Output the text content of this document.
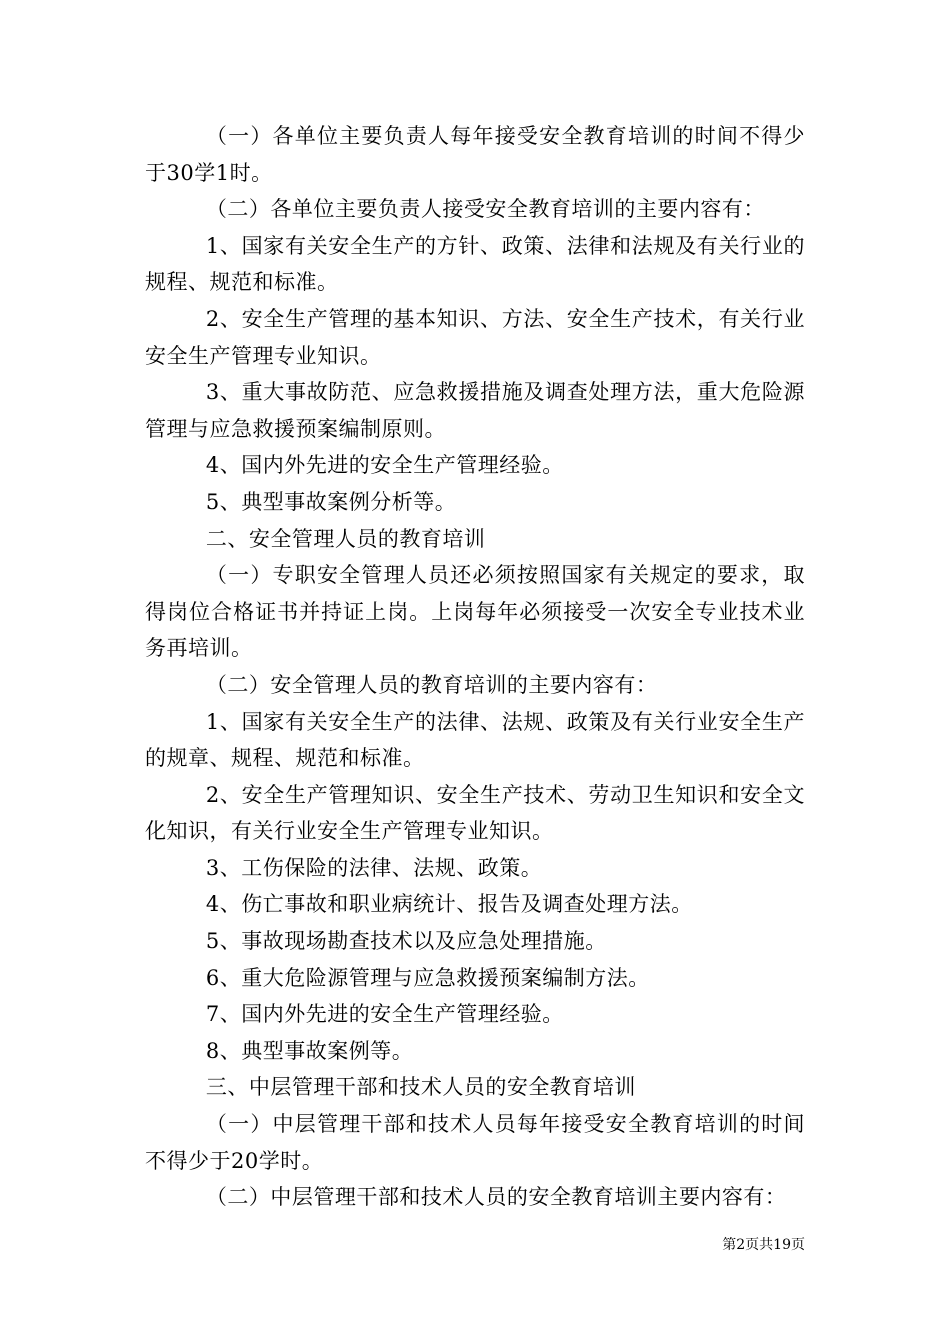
（一）各单位主要负责人每年接受安全教育培训的时间不得少于30学1时。

（二）各单位主要负责人接受安全教育培训的主要内容有：

1、国家有关安全生产的方针、政策、法律和法规及有关行业的规程、规范和标准。

2、安全生产管理的基本知识、方法、安全生产技术，有关行业安全生产管理专业知识。

3、重大事故防范、应急救援措施及调查处理方法，重大危险源管理与应急救援预案编制原则。

4、国内外先进的安全生产管理经验。

5、典型事故案例分析等。

二、安全管理人员的教育培训

（一）专职安全管理人员还必须按照国家有关规定的要求，取得岗位合格证书并持证上岗。上岗每年必须接受一次安全专业技术业务再培训。

（二）安全管理人员的教育培训的主要内容有：

1、国家有关安全生产的法律、法规、政策及有关行业安全生产的规章、规程、规范和标准。

2、安全生产管理知识、安全生产技术、劳动卫生知识和安全文化知识，有关行业安全生产管理专业知识。

3、工伤保险的法律、法规、政策。

4、伤亡事故和职业病统计、报告及调查处理方法。

5、事故现场勘查技术以及应急处理措施。

6、重大危险源管理与应急救援预案编制方法。

7、国内外先进的安全生产管理经验。

8、典型事故案例等。

三、中层管理干部和技术人员的安全教育培训

（一）中层管理干部和技术人员每年接受安全教育培训的时间不得少于20学时。

（二）中层管理干部和技术人员的安全教育培训主要内容有：

第2页共19页
